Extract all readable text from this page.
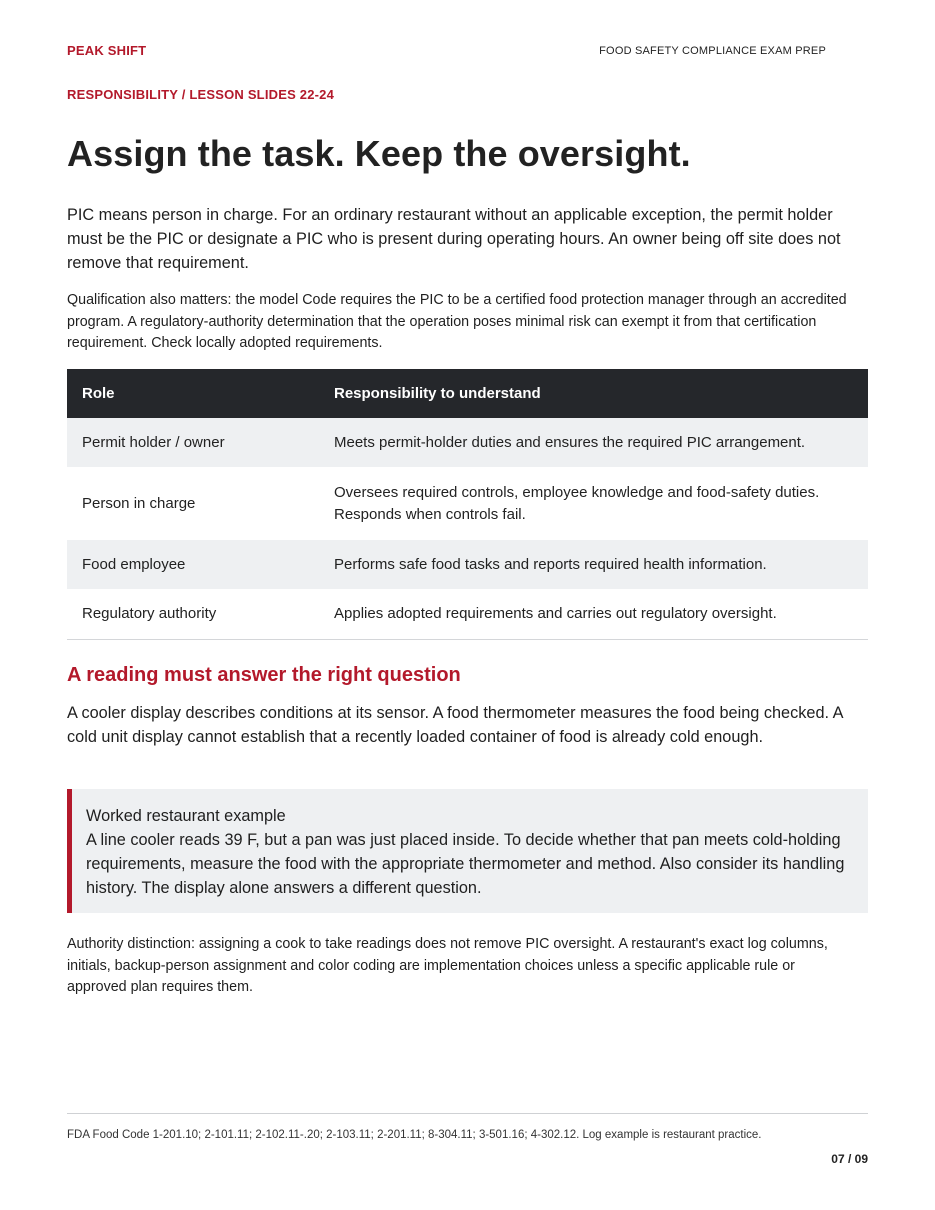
PEAK SHIFT	FOOD SAFETY COMPLIANCE EXAM PREP
RESPONSIBILITY / LESSON SLIDES 22-24
Assign the task. Keep the oversight.

PIC means person in charge. For an ordinary restaurant without an applicable exception, the permit holder must be the PIC or designate a PIC who is present during operating hours. An owner being off site does not remove that requirement.

Qualification also matters: the model Code requires the PIC to be a certified food protection manager through an accredited program. A regulatory-authority determination that the operation poses minimal risk can exempt it from that certification requirement. Check locally adopted requirements.

Role	Responsibility to understand
Permit holder / owner	Meets permit-holder duties and ensures the required PIC arrangement.
Person in charge	Oversees required controls, employee knowledge and food-safety duties. Responds when controls fail.
Food employee	Performs safe food tasks and reports required health information.
Regulatory authority	Applies adopted requirements and carries out regulatory oversight.
A reading must answer the right question

A cooler display describes conditions at its sensor. A food thermometer measures the food being checked. A cold unit display cannot establish that a recently loaded container of food is already cold enough.

Worked restaurant example
A line cooler reads 39 F, but a pan was just placed inside. To decide whether that pan meets cold-holding requirements, measure the food with the appropriate thermometer and method. Also consider its handling history. The display alone answers a different question.

Authority distinction: assigning a cook to take readings does not remove PIC oversight. A restaurant's exact log columns, initials, backup-person assignment and color coding are implementation choices unless a specific applicable rule or approved plan requires them.

FDA Food Code 1-201.10; 2-101.11; 2-102.11-.20; 2-103.11; 2-201.11; 8-304.11; 3-501.16; 4-302.12. Log example is restaurant practice.
07 / 09
